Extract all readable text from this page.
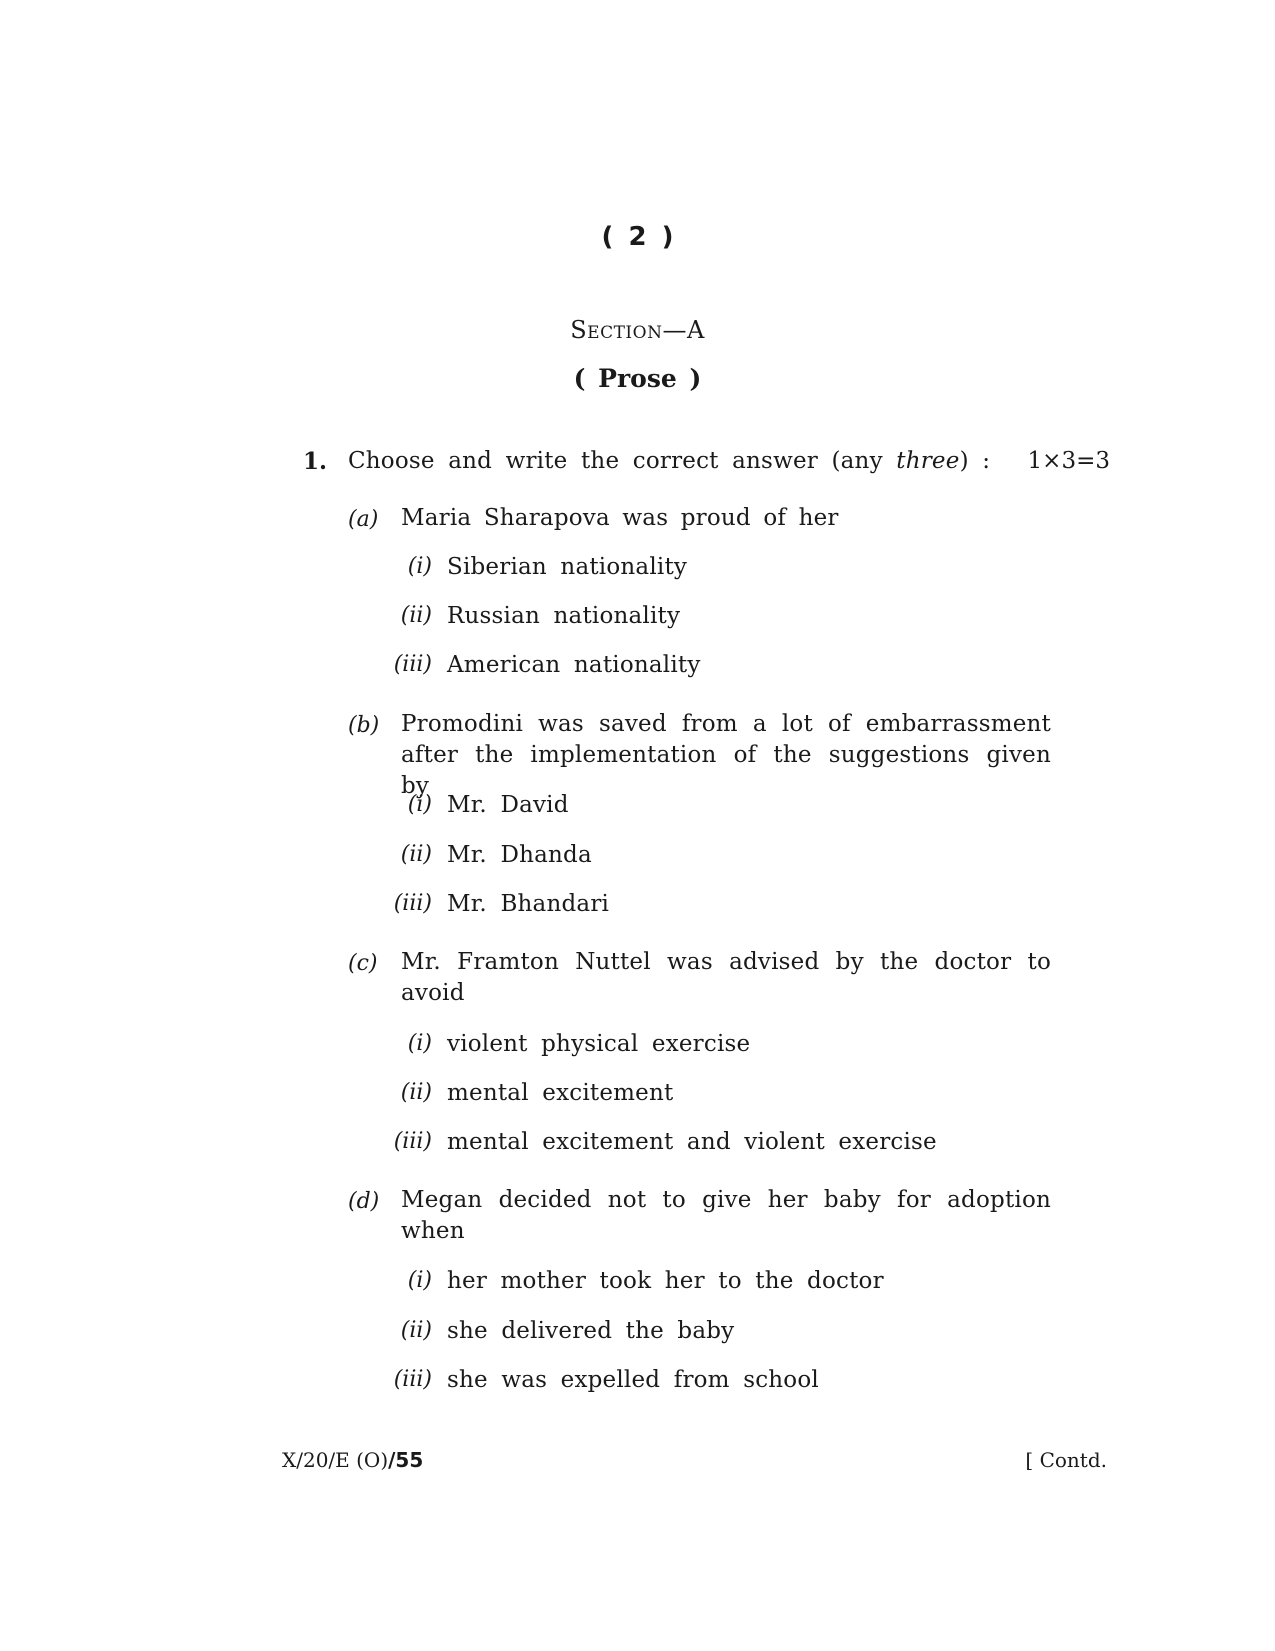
( 2 )
Section—A
( Prose )
1. Choose and write the correct answer (any three) : 1×3=3
(a) Maria Sharapova was proud of her
(i) Siberian nationality
(ii) Russian nationality
(iii) American nationality
(b) Promodini was saved from a lot of embarrassment after the implementation of the suggestions given by
(i) Mr. David
(ii) Mr. Dhanda
(iii) Mr. Bhandari
(c) Mr. Framton Nuttel was advised by the doctor to avoid
(i) violent physical exercise
(ii) mental excitement
(iii) mental excitement and violent exercise
(d) Megan decided not to give her baby for adoption when
(i) her mother took her to the doctor
(ii) she delivered the baby
(iii) she was expelled from school
X/20/E (O)/55	[ Contd.
